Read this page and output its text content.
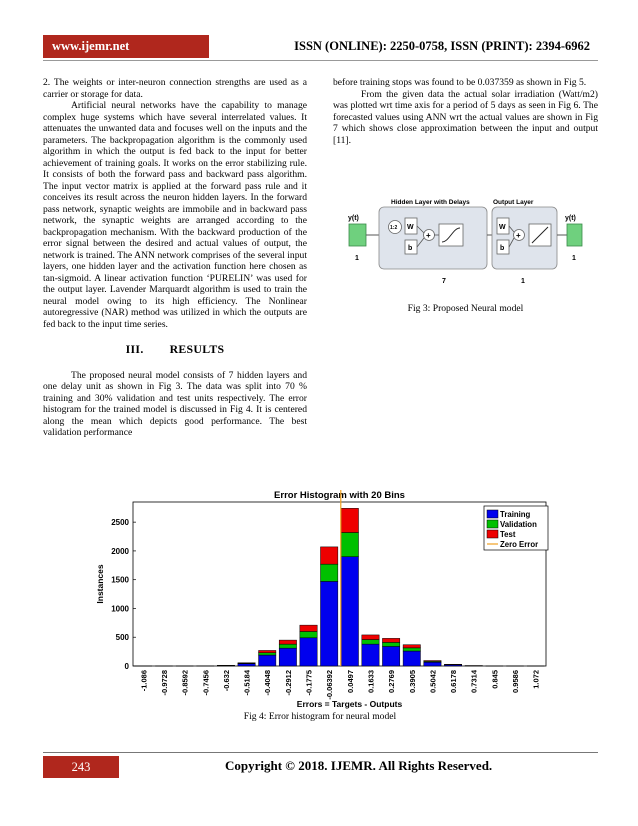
www.ijemr.net	ISSN (ONLINE): 2250-0758, ISSN (PRINT): 2394-6962

2. The weights or inter-neuron connection strengths are used as a carrier or storage for data.

Artificial neural networks have the capability to manage complex huge systems which have several interrelated values. It attenuates the unwanted data and focuses well on the inputs and the parameters. The backpropagation algorithm is the commonly used algorithm in which the output is fed back to the input for better achievement of training goals. It works on the error stabilizing rule. It consists of both the forward pass and backward pass algorithm. The input vector matrix is applied at the forward pass rule and it conceives its result across the neuron hidden layers. In the forward pass network, synaptic weights are immobile and in backward pass network, the synaptic weights are arranged according to the backpropagation mechanism. With the backward production of the error signal between the desired and actual values of output, the network is trained. The ANN network comprises of the several input layers, one hidden layer and the activation function here chosen as tan-sigmoid. A linear activation function ‘PURELIN’ was used for the output layer. Lavender Marquardt algorithm is used to train the neural model owing to its high efficiency. The Nonlinear autoregressive (NAR) method was utilized in which the outputs are fed back to the input time series.

III. RESULTS

The proposed neural model consists of 7 hidden layers and one delay unit as shown in Fig 3. The data was split into 70 % training and 30% validation and test units respectively. The error histogram for the trained model is discussed in Fig 4. It is centered along the mean which depicts good performance. The best validation performance

before training stops was found to be 0.037359 as shown in Fig 5.

From the given data the actual solar irradiation (Watt/m2) was plotted wrt time axis for a period of 5 days as seen in Fig 6. The forecasted values using ANN wrt the actual values are shown in Fig 7 which shows close approximation between the input and output [11].

y(t)
1
Hidden Layer with Delays
1:2 W
b
+
7
Output Layer
W
b
+
1
y(t)
1
Fig 3: Proposed Neural model
Error Histogram with 20 Bins
0
500
1000
1500
2000
2500
Instances
-1.086 -0.9728 -0.8592 -0.7456 -0.632 -0.5184 -0.4048 -0.2912 -0.1775 -0.06392 0.0497 0.1633 0.2769 0.3905 0.5042 0.6178 0.7314 0.845 0.9586 1.072
Errors = Targets - Outputs
Training
Validation
Test
Zero Error
Fig 4: Error histogram for neural model
243	Copyright © 2018. IJEMR. All Rights Reserved.
